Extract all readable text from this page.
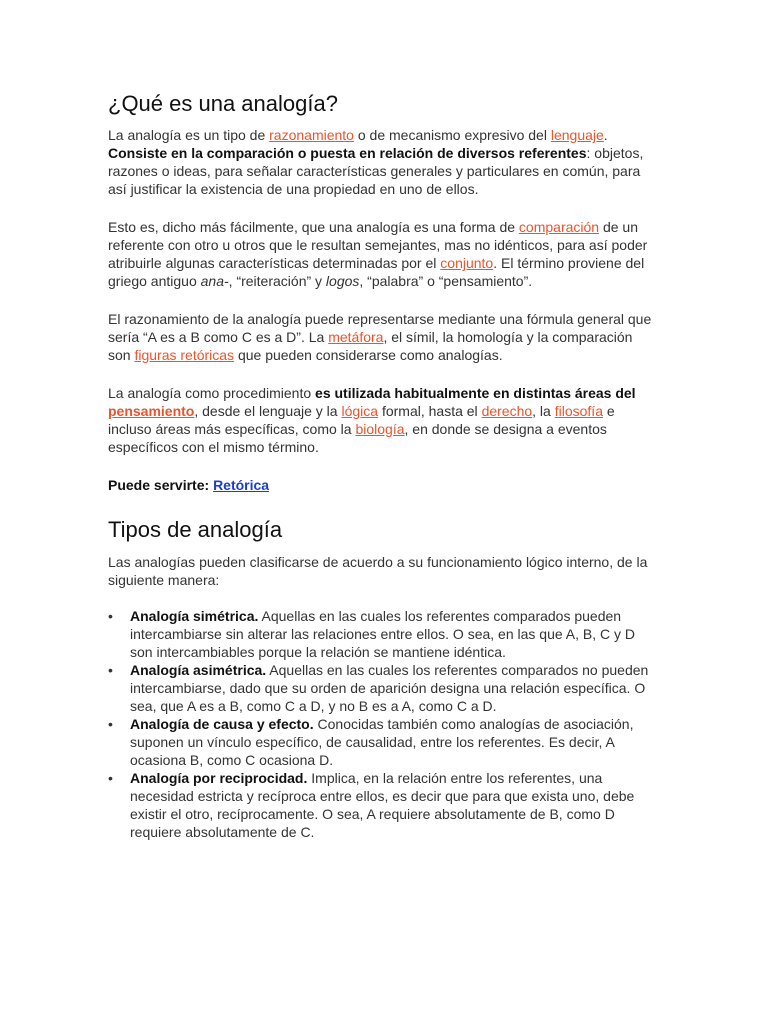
¿Qué es una analogía?

La analogía es un tipo de razonamiento o de mecanismo expresivo del lenguaje. Consiste en la comparación o puesta en relación de diversos referentes: objetos, razones o ideas, para señalar características generales y particulares en común, para así justificar la existencia de una propiedad en uno de ellos.

Esto es, dicho más fácilmente, que una analogía es una forma de comparación de un referente con otro u otros que le resultan semejantes, mas no idénticos, para así poder atribuirle algunas características determinadas por el conjunto. El término proviene del griego antiguo ana-, “reiteración” y logos, “palabra” o “pensamiento”.

El razonamiento de la analogía puede representarse mediante una fórmula general que sería “A es a B como C es a D”. La metáfora, el símil, la homología y la comparación son figuras retóricas que pueden considerarse como analogías.

La analogía como procedimiento es utilizada habitualmente en distintas áreas del pensamiento, desde el lenguaje y la lógica formal, hasta el derecho, la filosofía e incluso áreas más específicas, como la biología, en donde se designa a eventos específicos con el mismo término.

Puede servirte: Retórica

Tipos de analogía

Las analogías pueden clasificarse de acuerdo a su funcionamiento lógico interno, de la siguiente manera:

• Analogía simétrica. Aquellas en las cuales los referentes comparados pueden intercambiarse sin alterar las relaciones entre ellos. O sea, en las que A, B, C y D son intercambiables porque la relación se mantiene idéntica.
• Analogía asimétrica. Aquellas en las cuales los referentes comparados no pueden intercambiarse, dado que su orden de aparición designa una relación específica. O sea, que A es a B, como C a D, y no B es a A, como C a D.
• Analogía de causa y efecto. Conocidas también como analogías de asociación, suponen un vínculo específico, de causalidad, entre los referentes. Es decir, A ocasiona B, como C ocasiona D.
• Analogía por reciprocidad. Implica, en la relación entre los referentes, una necesidad estricta y recíproca entre ellos, es decir que para que exista uno, debe existir el otro, recíprocamente. O sea, A requiere absolutamente de B, como D requiere absolutamente de C.
